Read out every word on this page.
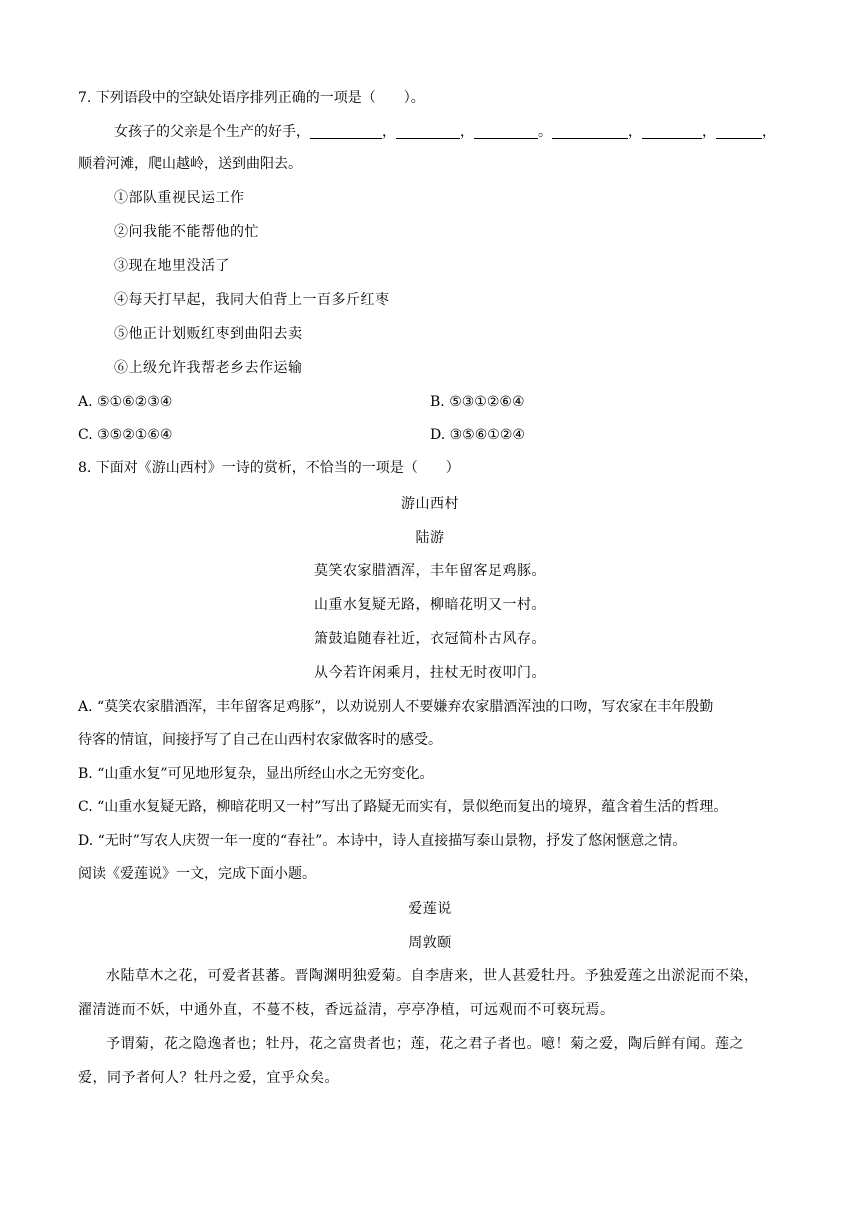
7. 下列语段中的空缺处语序排列正确的一项是（　　）。
女孩子的父亲是个生产的好手，	，	，	。	，	，	，
顺着河滩，爬山越岭，送到曲阳去。
①部队重视民运工作
②问我能不能帮他的忙
③现在地里没活了
④每天打早起，我同大伯背上一百多斤红枣
⑤他正计划贩红枣到曲阳去卖
⑥上级允许我帮老乡去作运输
A. ⑤①⑥②③④	B. ⑤③①②⑥④
C. ③⑤②①⑥④	D. ③⑤⑥①②④
8. 下面对《游山西村》一诗的赏析，不恰当的一项是（　　）
游山西村
陆游
莫笑农家腊酒浑，丰年留客足鸡豚。
山重水复疑无路，柳暗花明又一村。
箫鼓追随春社近，衣冠简朴古风存。
从今若许闲乘月，拄杖无时夜叩门。
A. “莫笑农家腊酒浑，丰年留客足鸡豚”，以劝说别人不要嫌弃农家腊酒浑浊的口吻，写农家在丰年殷勤
待客的情谊，间接抒写了自己在山西村农家做客时的感受。
B. “山重水复”可见地形复杂，显出所经山水之无穷变化。
C. “山重水复疑无路，柳暗花明又一村”写出了路疑无而实有，景似绝而复出的境界，蕴含着生活的哲理。
D. “无时”写农人庆贺一年一度的“春社”。本诗中，诗人直接描写泰山景物，抒发了悠闲惬意之情。
阅读《爱莲说》一文，完成下面小题。
爱莲说
周敦颐
水陆草木之花，可爱者甚蕃。晋陶渊明独爱菊。自李唐来，世人甚爱牡丹。予独爱莲之出淤泥而不染，
濯清涟而不妖，中通外直，不蔓不枝，香远益清，亭亭净植，可远观而不可亵玩焉。
予谓菊，花之隐逸者也；牡丹，花之富贵者也；莲，花之君子者也。噫！菊之爱，陶后鲜有闻。莲之
爱，同予者何人？牡丹之爱，宜乎众矣。
